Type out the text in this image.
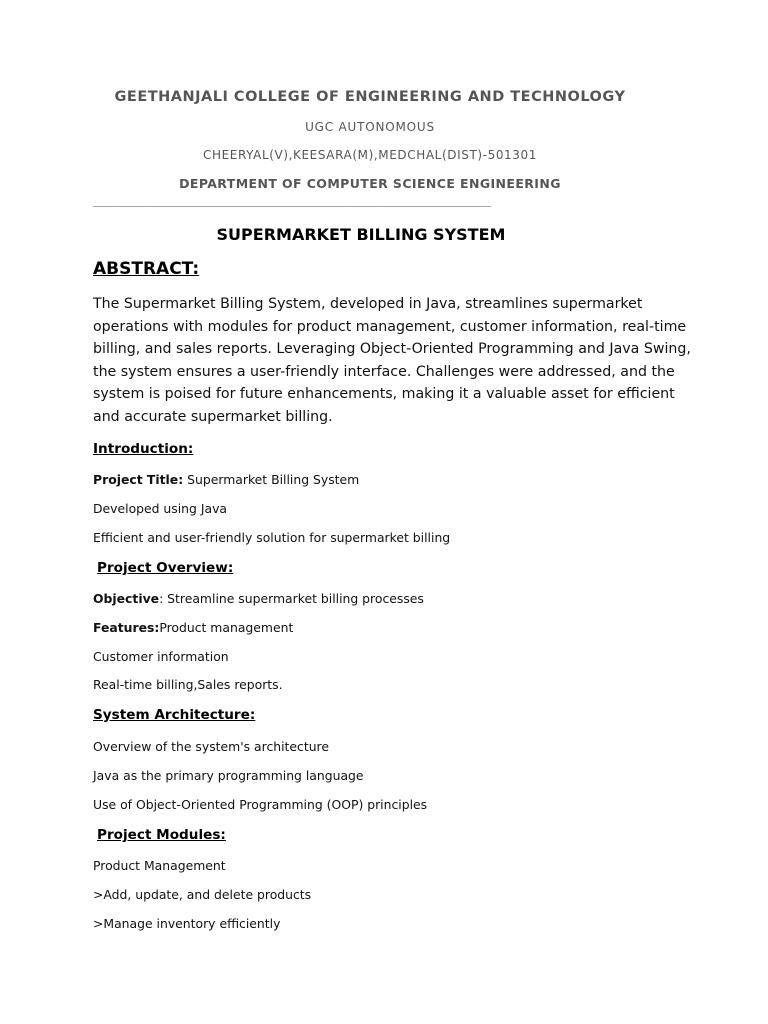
GEETHANJALI COLLEGE OF ENGINEERING AND TECHNOLOGY
UGC AUTONOMOUS
CHEERYAL(V),KEESARA(M),MEDCHAL(DIST)-501301
DEPARTMENT OF COMPUTER SCIENCE ENGINEERING
________________________________________________________________________
SUPERMARKET BILLING SYSTEM
ABSTRACT:

The Supermarket Billing System, developed in Java, streamlines supermarket operations with modules for product management, customer information, real-time billing, and sales reports. Leveraging Object-Oriented Programming and Java Swing, the system ensures a user-friendly interface. Challenges were addressed, and the system is poised for future enhancements, making it a valuable asset for efficient and accurate supermarket billing.

Introduction:
Project Title: Supermarket Billing System
Developed using Java
Efficient and user-friendly solution for supermarket billing
Project Overview:
Objective: Streamline supermarket billing processes
Features:Product management
Customer information
Real-time billing,Sales reports.
System Architecture:
Overview of the system's architecture
Java as the primary programming language
Use of Object-Oriented Programming (OOP) principles
Project Modules:
Product Management
>Add, update, and delete products
>Manage inventory efficiently
